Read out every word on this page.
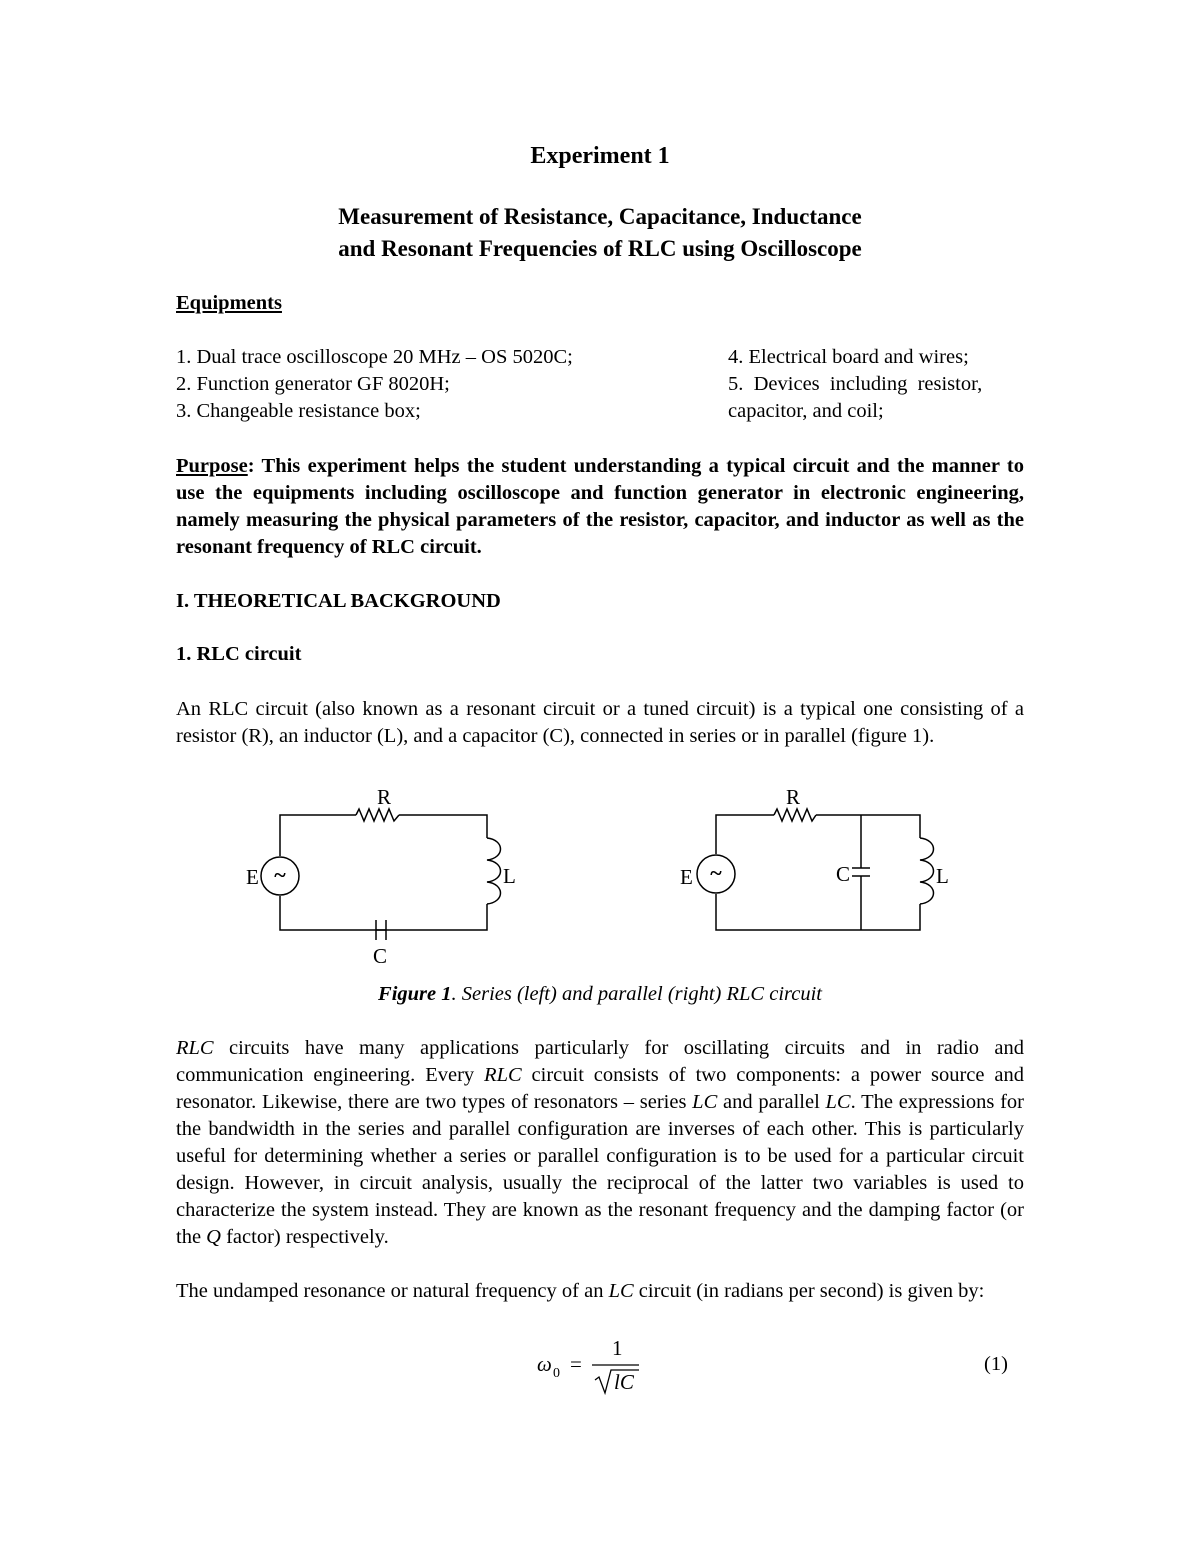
Experiment 1
Measurement of Resistance, Capacitance, Inductance
and Resonant Frequencies of RLC using Oscilloscope
Equipments
1. Dual trace oscilloscope 20 MHz – OS 5020C;
2. Function generator GF 8020H;
3. Changeable resistance box;
4. Electrical board and wires;
5.  Devices  including  resistor,
capacitor, and coil;
Purpose: This experiment helps the student understanding a typical circuit and the manner to use the equipments including oscilloscope and function generator in electronic engineering, namely measuring the physical parameters of the resistor, capacitor, and inductor as well as the resonant frequency of RLC circuit.
I. THEORETICAL BACKGROUND
1. RLC circuit
An RLC circuit (also known as a resonant circuit or a tuned circuit) is a typical one consisting of a resistor (R), an inductor (L), and a capacitor (C), connected in series or in parallel (figure 1).
R
L
C
E ~
R
L
C
E ~
Figure 1. Series (left) and parallel (right) RLC circuit
RLC circuits have many applications particularly for oscillating circuits and in radio and communication engineering. Every RLC circuit consists of two components: a power source and resonator. Likewise, there are two types of resonators – series LC and parallel LC. The expressions for the bandwidth in the series and parallel configuration are inverses of each other. This is particularly useful for determining whether a series or parallel configuration is to be used for a particular circuit design. However, in circuit analysis, usually the reciprocal of the latter two variables is used to characterize the system instead. They are known as the resonant frequency and the damping factor (or the Q factor) respectively.
The undamped resonance or natural frequency of an LC circuit (in radians per second) is given by:
ω 0 =
1
lC
(1)
